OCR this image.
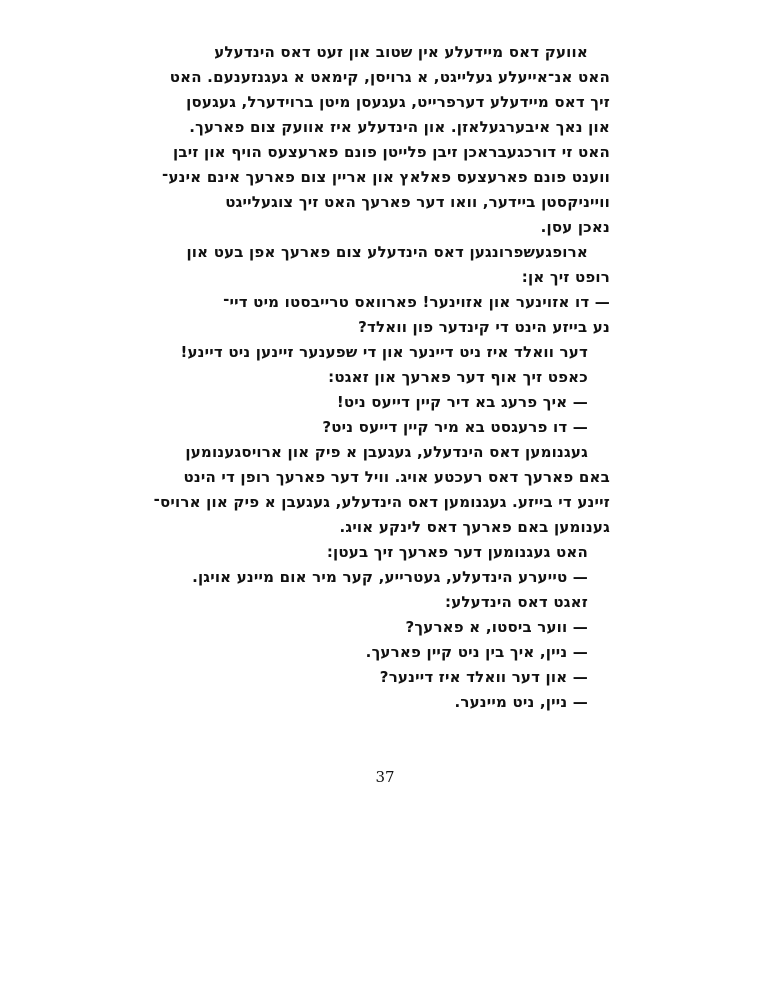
אוועק דאס מיידעלע אין שטוב און זעט דאס הינדעלע
האט אנ־אייעלע געלייגט, א גרויסן, קימאט א געגנזענעם. האט
זיך דאס מיידעלע דערפרייט, געגעסן מיטן ברוידערל, געגעסן
און נאך איבערגעלאזן. און הינדעלע איז אוועק צום פארעך.
האט זי דורכגעבראכן זיבן פלייטן פונם פארעצעס הויף און זיבן
ווענט פונם פארעצעס פאלאץ און אריין צום פארעך אינם אינע־
ווייניקסטן ביידער, וואו דער פארעך האט זיך צוגעלייגט
נאכן עסן.
ארופגעשפרונגען דאס הינדעלע צום פארעך אפן בעט און
רופט זיך אן:
— דו אזוינער און אזוינער! פארוואס טרייבסטו מיט דיי־
נע בייזע הינט די קינדער פון וואלד?
דער וואלד איז ניט דיינער און די שפענער זיינען ניט דיינע!
כאפט זיך אוף דער פארעך און זאגט:
— איך פרעג בא דיר קיין דייעס ניט!
— דו פרעגסט בא מיר קיין דייעס ניט?
געגנומען דאס הינדעלע, געגעבן א פיק און ארויסגענומען
באם פארעך דאס רעכטע אויג. וויל דער פארעך רופן די הינט
זיינע די בייזע. געגנומען דאס הינדעלע, געגעבן א פיק און ארויס־
גענומען באם פארעך דאס לינקע אויג.
האט געגנומען דער פארעך זיך בעטן:
— טייערע הינדעלע, געטרייע, קער מיר אום מיינע אויגן.
זאגט דאס הינדעלע:
— ווער ביסטו, א פארעך?
— ניין, איך בין ניט קיין פארעך.
— און דער וואלד איז דיינער?
— ניין, ניט מיינער.
37
